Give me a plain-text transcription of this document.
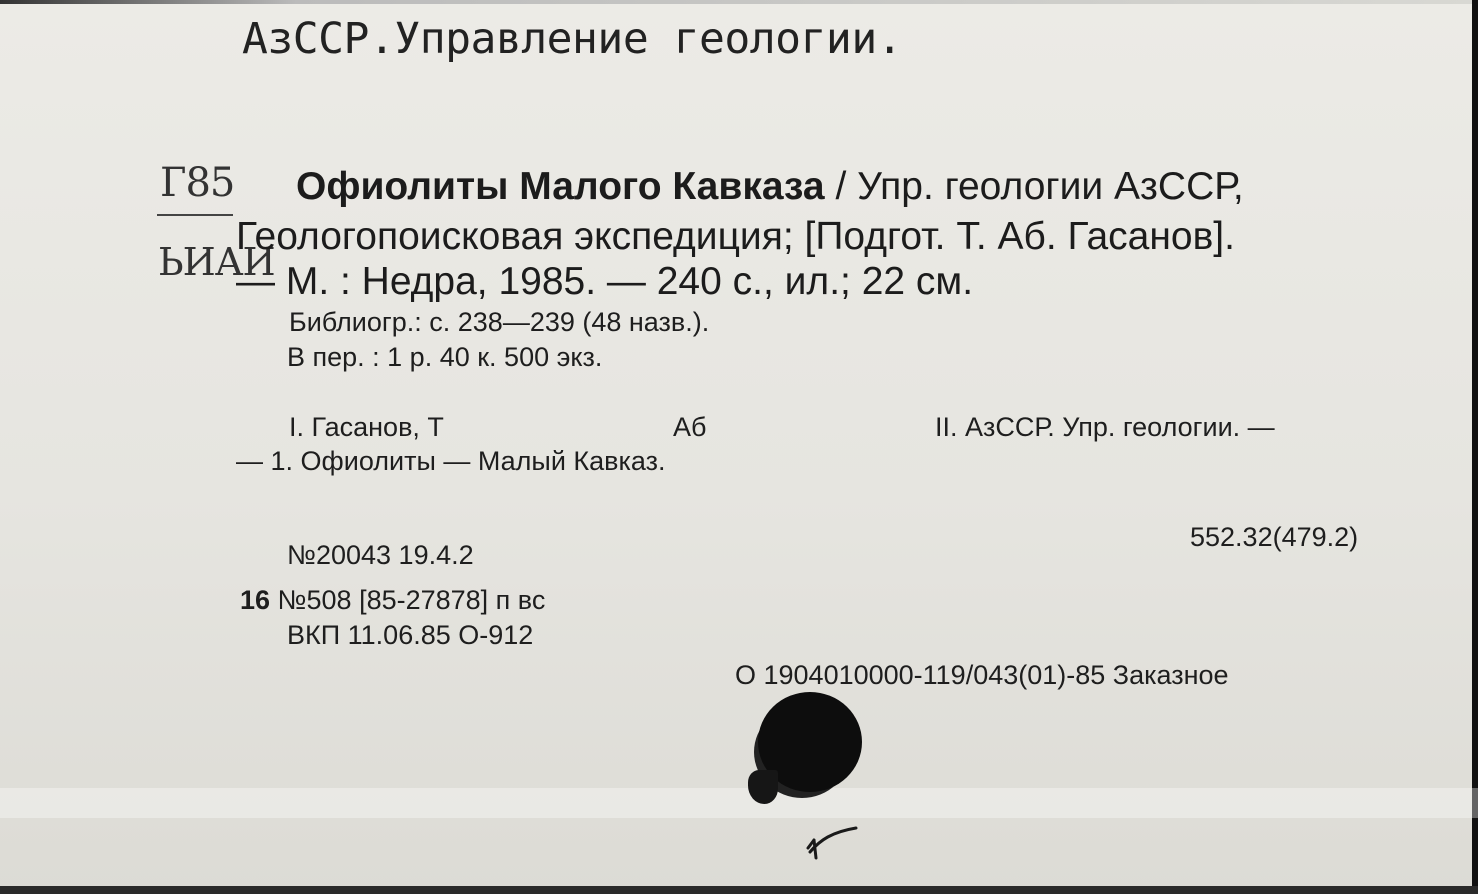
АзССР.Управление геологии.
Г85
ЬИАИ
Офиолиты Малого Кавказа / Упр. геологии АзССР,
Геологопоисковая экспедиция; [Подгот. Т. Аб. Гасанов].
— М. : Недра, 1985. — 240 с., ил.; 22 см.
Библиогр.: с. 238—239 (48 назв.).
В пер. : 1 р. 40 к. 500 экз.
I. Гасанов, Т	Аб	II. АзССР. Упр. геологии. —
— 1. Офиолиты — Малый Кавказ.
552.32(479.2)
№20043 19.4.2
16 №508 [85-27878] п вс
ВКП 11.06.85 О-912
О 1904010000-119/043(01)-85 Заказное
